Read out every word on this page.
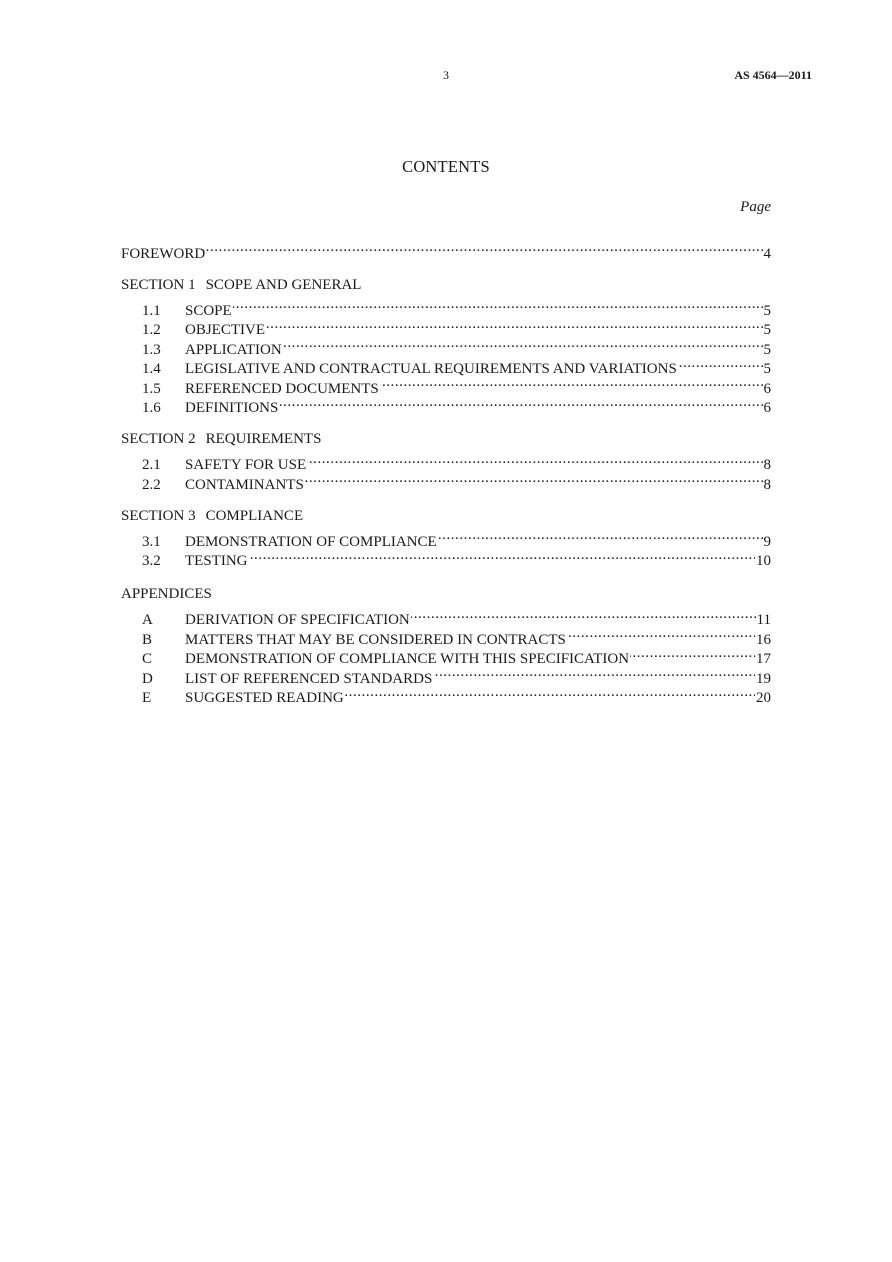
3	AS 4564—2011
CONTENTS
Page
FOREWORD . . .	4
SECTION 1 SCOPE AND GENERAL
1.1	SCOPE . . .	5
1.2	OBJECTIVE . . .	5
1.3	APPLICATION . . .	5
1.4	LEGISLATIVE AND CONTRACTUAL REQUIREMENTS AND VARIATIONS . . .	5
1.5	REFERENCED DOCUMENTS . . .	6
1.6	DEFINITIONS . . .	6
SECTION 2 REQUIREMENTS
2.1	SAFETY FOR USE . . .	8
2.2	CONTAMINANTS . . .	8
SECTION 3 COMPLIANCE
3.1	DEMONSTRATION OF COMPLIANCE . . .	9
3.2	TESTING . . .	10
APPENDICES
A	DERIVATION OF SPECIFICATION . . .	11
B	MATTERS THAT MAY BE CONSIDERED IN CONTRACTS . . .	16
C	DEMONSTRATION OF COMPLIANCE WITH THIS SPECIFICATION . . .	17
D	LIST OF REFERENCED STANDARDS . . .	19
E	SUGGESTED READING . . .	20
